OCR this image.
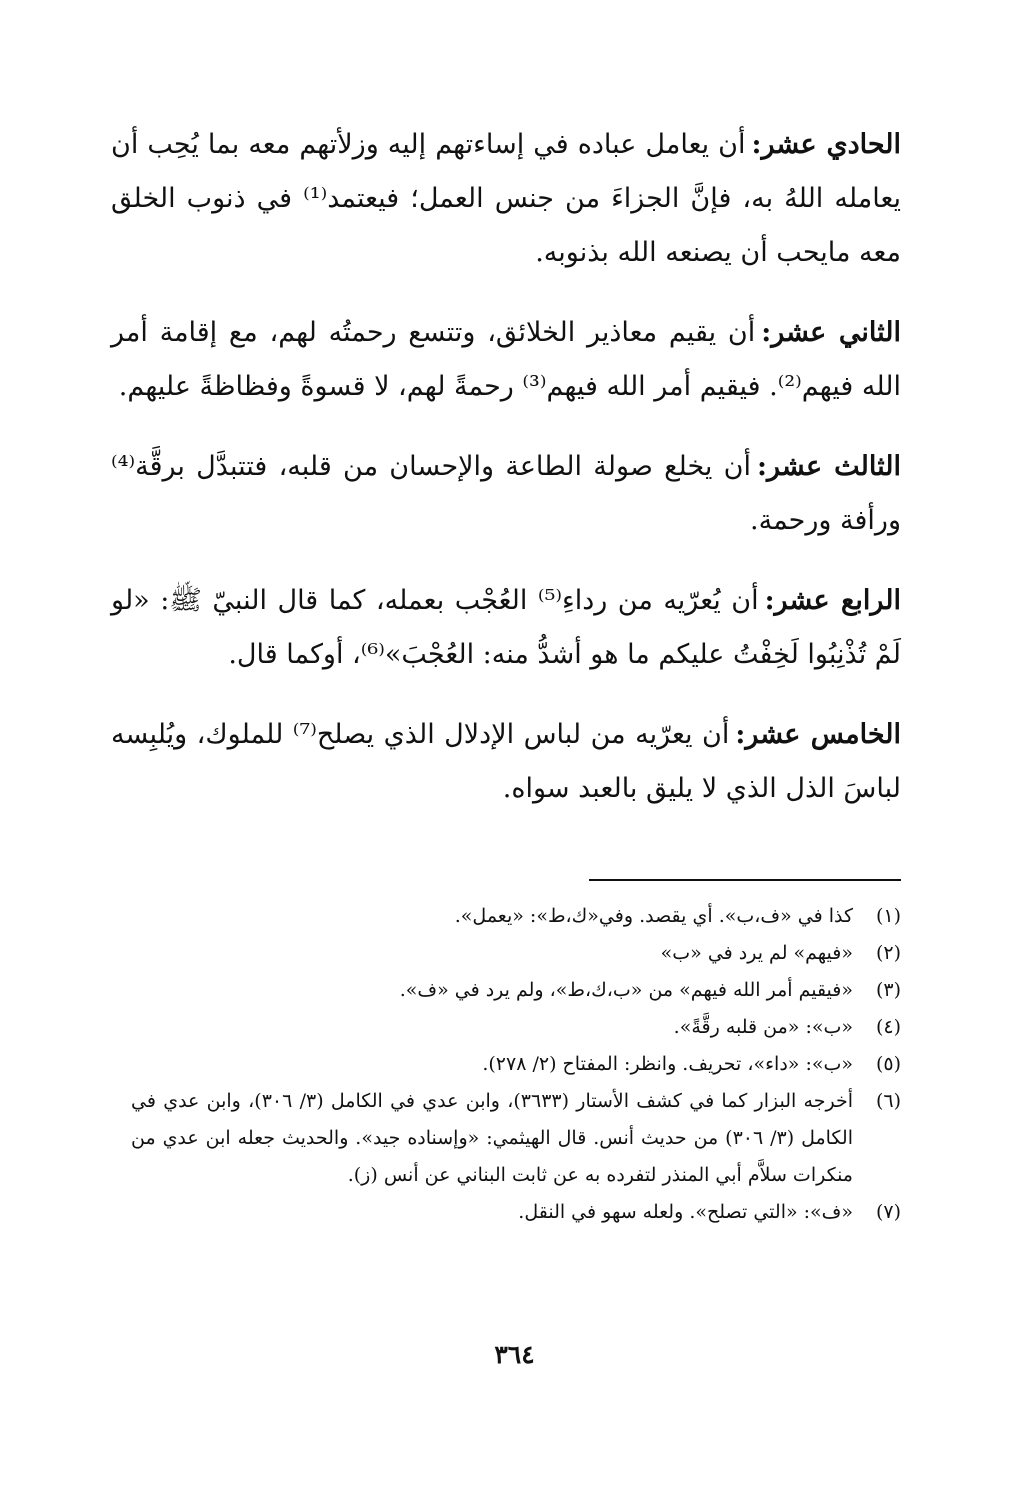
الحادي عشر:أن يعامل عباده في إساءتهم إليه وزلأتهم معه بما يُحِب أن يعامله اللهُ به، فإنَّ الجزاءَ من جنس العمل؛ فيعتمد⁽¹⁾ في ذنوب الخلق معه مايحب أن يصنعه الله بذنوبه.

الثاني عشر:أن يقيم معاذير الخلائق، وتتسع رحمتُه لهم، مع إقامة أمر الله فيهم⁽²⁾. فيقيم أمر الله فيهم⁽³⁾ رحمةً لهم، لا قسوةً وفظاظةً عليهم.

الثالث عشر:أن يخلع صولة الطاعة والإحسان من قلبه، فتتبدَّل برقَّة⁽⁴⁾ ورأفة ورحمة.

الرابع عشر:أن يُعرّيه من رداءِ⁽⁵⁾ العُجْب بعمله، كما قال النبيّ ﷺ: «لو لَمْ تُذْنِبُوا لَخِفْتُ عليكم ما هو أشدُّ منه: العُجْبَ»⁽⁶⁾، أوكما قال.

الخامس عشر:أن يعرّيه من لباس الإدلال الذي يصلح⁽⁷⁾ للملوك، ويُلبِسه لباسَ الذل الذي لا يليق بالعبد سواه.

(١)
كذا في «ف،ب». أي يقصد. وفي«ك،ط»: «يعمل».
(٢)
«فيهم» لم يرد في «ب»
(٣)
«فيقيم أمر الله فيهم» من «ب،ك،ط»، ولم يرد في «ف».
(٤)
«ب»: «من قلبه رقَّةً».
(٥)
«ب»: «داء»، تحريف. وانظر: المفتاح (٢/ ٢٧٨).
(٦)
أخرجه البزار كما في كشف الأستار (٣٦٣٣)، وابن عدي في الكامل (٣/ ٣٠٦)، وابن عدي في الكامل (٣/ ٣٠٦) من حديث أنس. قال الهيثمي: «وإسناده جيد». والحديث جعله ابن عدي من منكرات سلاَّم أبي المنذر لتفرده به عن ثابت البناني عن أنس (ز).
(٧)
«ف»: «التي تصلح». ولعله سهو في النقل.
٣٦٤
